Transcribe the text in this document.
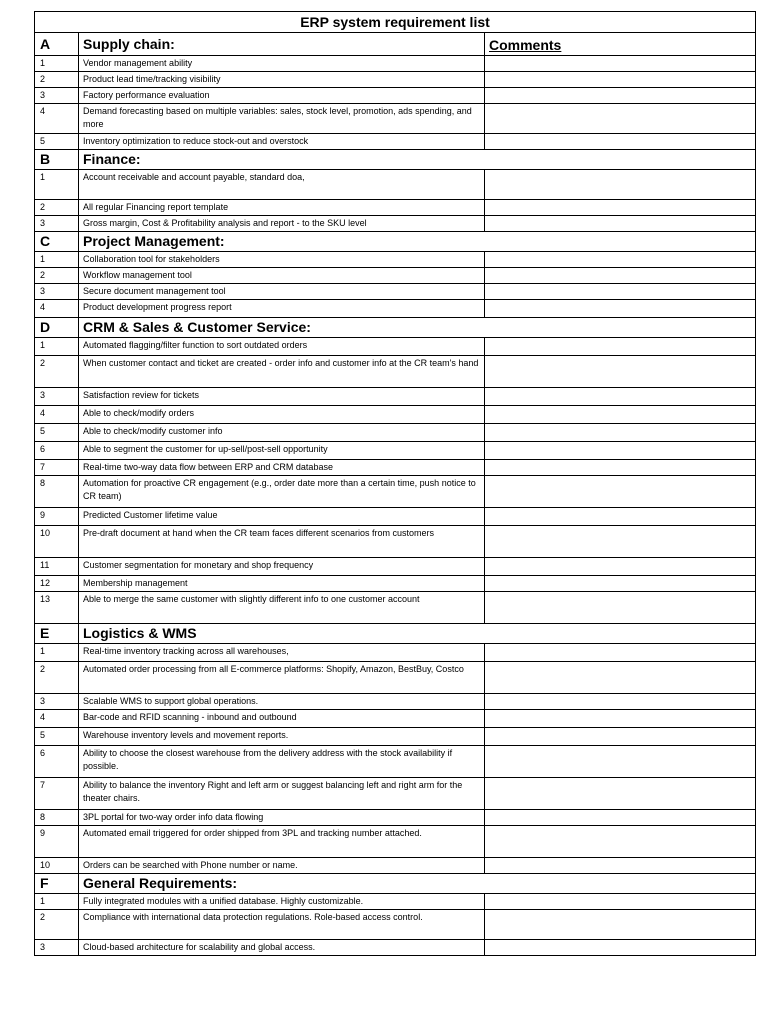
ERP system requirement list		
A	Supply chain:	Comments
1	Vendor management ability	
2	Product lead time/tracking visibility	
3	Factory performance evaluation	
4	Demand forecasting based on multiple variables: sales, stock level, promotion, ads spending, and more	
5	Inventory optimization to reduce stock-out and overstock	
B	Finance:	
1	Account receivable and account payable, standard doa,	
2	All regular Financing report template	
3	Gross margin, Cost & Profitability analysis and report - to the SKU level	
C	Project Management:	
1	Collaboration tool for stakeholders	
2	Workflow management tool	
3	Secure document management tool	
4	Product development progress report	
D	CRM & Sales & Customer Service:	
1	Automated flagging/filter function to sort outdated orders	
2	When customer contact and ticket are created - order info and customer info at the CR team's hand	
3	Satisfaction review for tickets	
4	Able to check/modify orders	
5	Able to check/modify customer info	
6	Able to segment the customer for up-sell/post-sell opportunity	
7	Real-time two-way data flow between ERP and CRM database	
8	Automation for proactive CR engagement (e.g., order date more than a certain time, push notice to CR team)	
9	Predicted Customer lifetime value	
10	Pre-draft document at hand when the CR team faces different scenarios from customers	
11	Customer segmentation for monetary and shop frequency	
12	Membership management	
13	Able to merge the same customer with slightly different info to one customer account	
E	Logistics & WMS	
1	Real-time inventory tracking across all warehouses,	
2	Automated order processing from all E-commerce platforms: Shopify, Amazon, BestBuy, Costco	
3	Scalable WMS to support global operations.	
4	Bar-code and RFID scanning - inbound and outbound	
5	Warehouse inventory levels and movement reports.	
6	Ability to choose the closest warehouse from the delivery address with the stock availability if possible.	
7	Ability to balance the inventory Right and left arm or suggest balancing left and right arm for the theater chairs.	
8	3PL portal for two-way order info data flowing	
9	Automated email triggered for order shipped from 3PL and tracking number attached.	
10	Orders can be searched with Phone number or name.	
F	General Requirements:	
1	Fully integrated modules with a unified database. Highly customizable.	
2	Compliance with international data protection regulations. Role-based access control.	
3	Cloud-based architecture for scalability and global access.	
